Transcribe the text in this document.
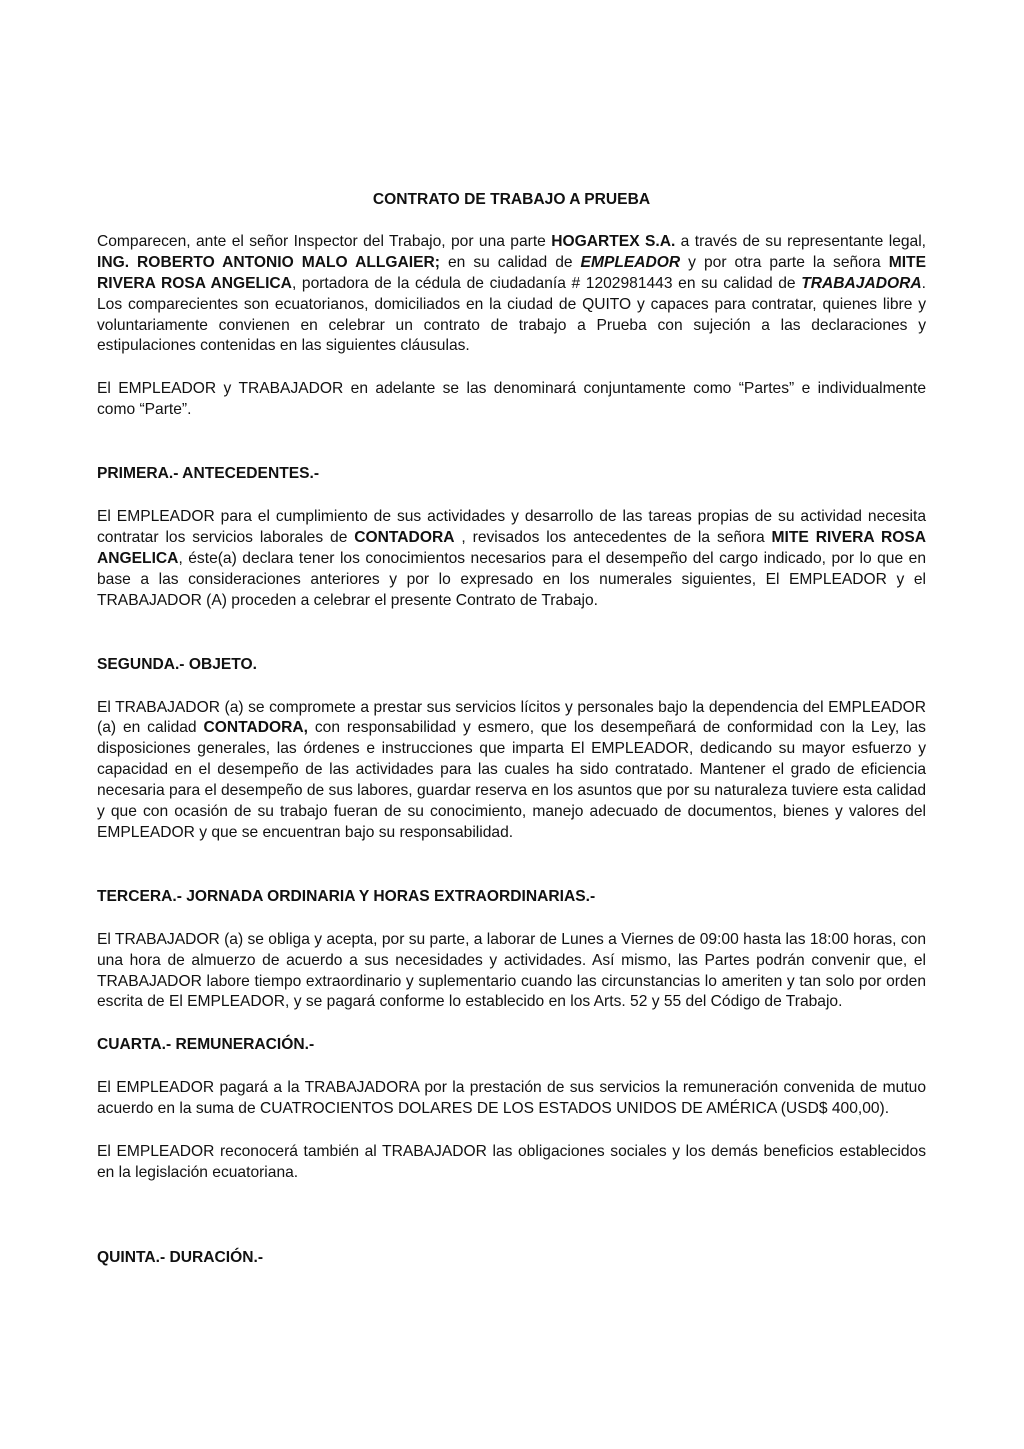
CONTRATO DE TRABAJO A PRUEBA

Comparecen, ante el señor Inspector del Trabajo, por una parte HOGARTEX S.A. a través de su representante legal, ING. ROBERTO ANTONIO MALO ALLGAIER; en su calidad de EMPLEADOR y por otra parte la señora MITE RIVERA ROSA ANGELICA, portadora de la cédula de ciudadanía # 1202981443 en su calidad de TRABAJADORA. Los comparecientes son ecuatorianos, domiciliados en la ciudad de QUITO y capaces para contratar, quienes libre y voluntariamente convienen en celebrar un contrato de trabajo a Prueba con sujeción a las declaraciones y estipulaciones contenidas en las siguientes cláusulas.

El EMPLEADOR y TRABAJADOR en adelante se las denominará conjuntamente como “Partes” e individualmente como “Parte”.

PRIMERA.- ANTECEDENTES.-

El EMPLEADOR para el cumplimiento de sus actividades y desarrollo de las tareas propias de su actividad necesita contratar los servicios laborales de CONTADORA , revisados los antecedentes de la señora MITE RIVERA ROSA ANGELICA, éste(a) declara tener los conocimientos necesarios para el desempeño del cargo indicado, por lo que en base a las consideraciones anteriores y por lo expresado en los numerales siguientes, El EMPLEADOR y el TRABAJADOR (A) proceden a celebrar el presente Contrato de Trabajo.

SEGUNDA.- OBJETO.

El TRABAJADOR (a) se compromete a prestar sus servicios lícitos y personales bajo la dependencia del EMPLEADOR (a) en calidad CONTADORA, con responsabilidad y esmero, que los desempeñará de conformidad con la Ley, las disposiciones generales, las órdenes e instrucciones que imparta El EMPLEADOR, dedicando su mayor esfuerzo y capacidad en el desempeño de las actividades para las cuales ha sido contratado. Mantener el grado de eficiencia necesaria para el desempeño de sus labores, guardar reserva en los asuntos que por su naturaleza tuviere esta calidad y que con ocasión de su trabajo fueran de su conocimiento, manejo adecuado de documentos, bienes y valores del EMPLEADOR y que se encuentran bajo su responsabilidad.

TERCERA.- JORNADA ORDINARIA Y HORAS EXTRAORDINARIAS.-

El TRABAJADOR (a) se obliga y acepta, por su parte, a laborar de Lunes a Viernes de 09:00 hasta las 18:00 horas, con una hora de almuerzo de acuerdo a sus necesidades y actividades. Así mismo, las Partes podrán convenir que, el TRABAJADOR labore tiempo extraordinario y suplementario cuando las circunstancias lo ameriten y tan solo por orden escrita de El EMPLEADOR, y se pagará conforme lo establecido en los Arts. 52 y 55 del Código de Trabajo.

CUARTA.- REMUNERACIÓN.-

El EMPLEADOR pagará a la TRABAJADORA por la prestación de sus servicios la remuneración convenida de mutuo acuerdo en la suma de CUATROCIENTOS DOLARES DE LOS ESTADOS UNIDOS DE AMÉRICA (USD$ 400,00).

El EMPLEADOR reconocerá también al TRABAJADOR las obligaciones sociales y los demás beneficios establecidos en la legislación ecuatoriana.

QUINTA.- DURACIÓN.-
